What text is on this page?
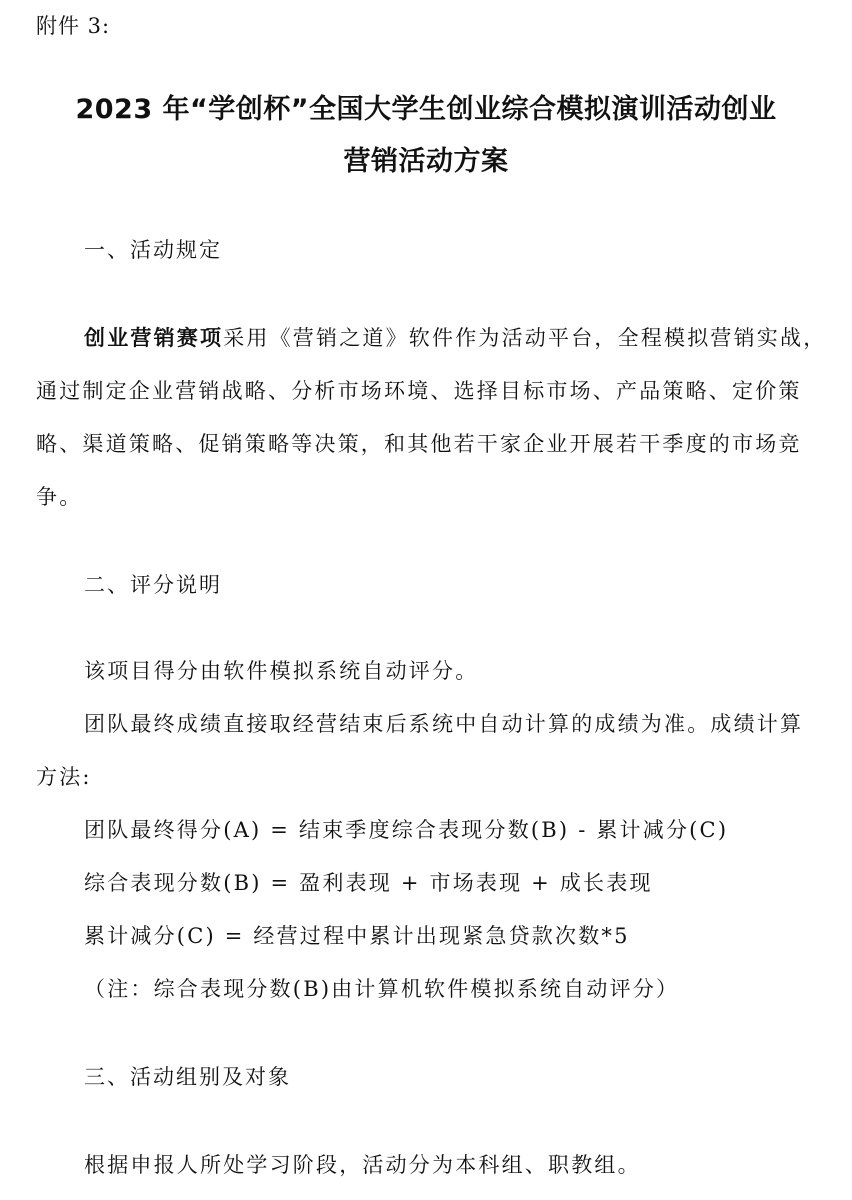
附件 3:
2023 年“学创杯”全国大学生创业综合模拟演训活动创业
营销活动方案
一、活动规定
创业营销赛项采用《营销之道》软件作为活动平台，全程模拟营销实战，
通过制定企业营销战略、分析市场环境、选择目标市场、产品策略、定价策
略、渠道策略、促销策略等决策，和其他若干家企业开展若干季度的市场竞
争。
二、评分说明
该项目得分由软件模拟系统自动评分。
团队最终成绩直接取经营结束后系统中自动计算的成绩为准。成绩计算
方法:
团队最终得分(A) = 结束季度综合表现分数(B) - 累计减分(C)
综合表现分数(B) = 盈利表现 + 市场表现 + 成长表现
累计减分(C) = 经营过程中累计出现紧急贷款次数*5
（注：综合表现分数(B)由计算机软件模拟系统自动评分）
三、活动组别及对象
根据申报人所处学习阶段，活动分为本科组、职教组。
